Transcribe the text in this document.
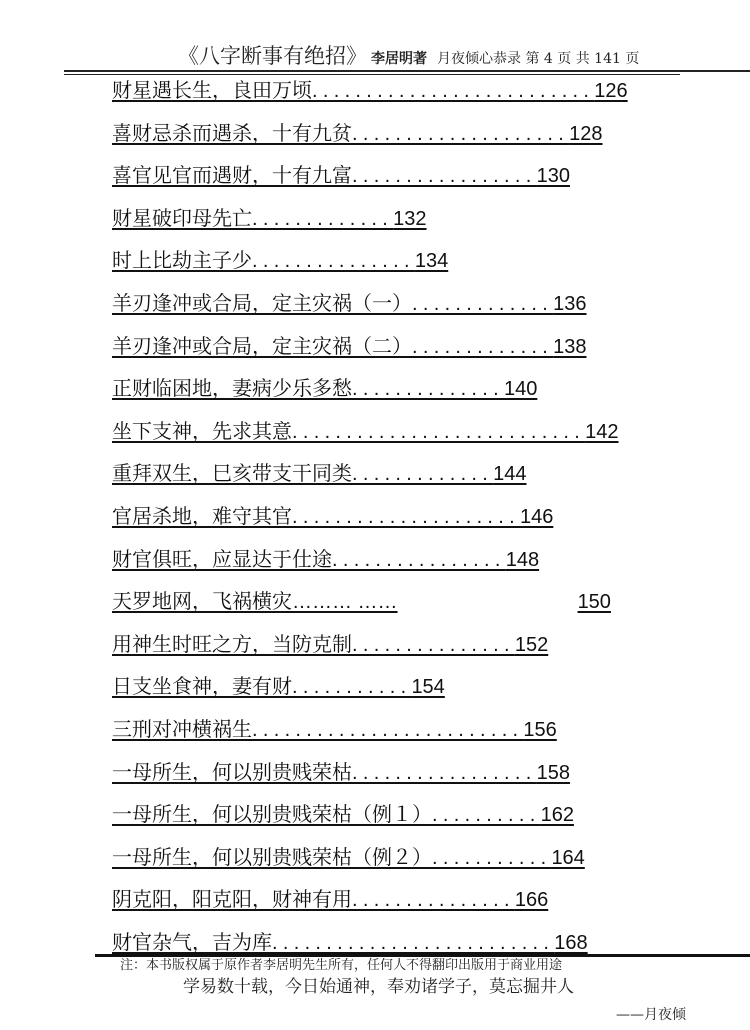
《八字断事有绝招》 李居明著 月夜倾心恭录 第 4 页 共 141 页
财星遇长生，良田万顷..........................126
喜财忌杀而遇杀，十有九贫....................128
喜官见官而遇财，十有九富.................130
财星破印母先亡.............132
时上比劫主子少...............134
羊刃逢冲或合局，定主灾祸（一）.............136
羊刃逢冲或合局，定主灾祸（二）.............138
正财临困地，妻病少乐多愁..............140
坐下支神，先求其意...........................142
重拜双生，巳亥带支干同类.............144
官居杀地，难守其官.....................146
财官俱旺，应显达于仕途................148
天罗地网，飞祸横灾……… ……	150
用神生时旺之方，当防克制...............152
日支坐食神，妻有财...........154
三刑对冲横祸生.........................156
一母所生，何以别贵贱荣枯.................158
一母所生，何以别贵贱荣枯（例１）..........162
一母所生，何以别贵贱荣枯（例２）...........164
阴克阳，阳克阳，财神有用...............166
财官杂气，吉为库..........................168
注：本书版权属于原作者李居明先生所有，任何人不得翻印出版用于商业用途
学易数十载，今日始通神，奉劝诸学子，莫忘掘井人
——月夜倾
